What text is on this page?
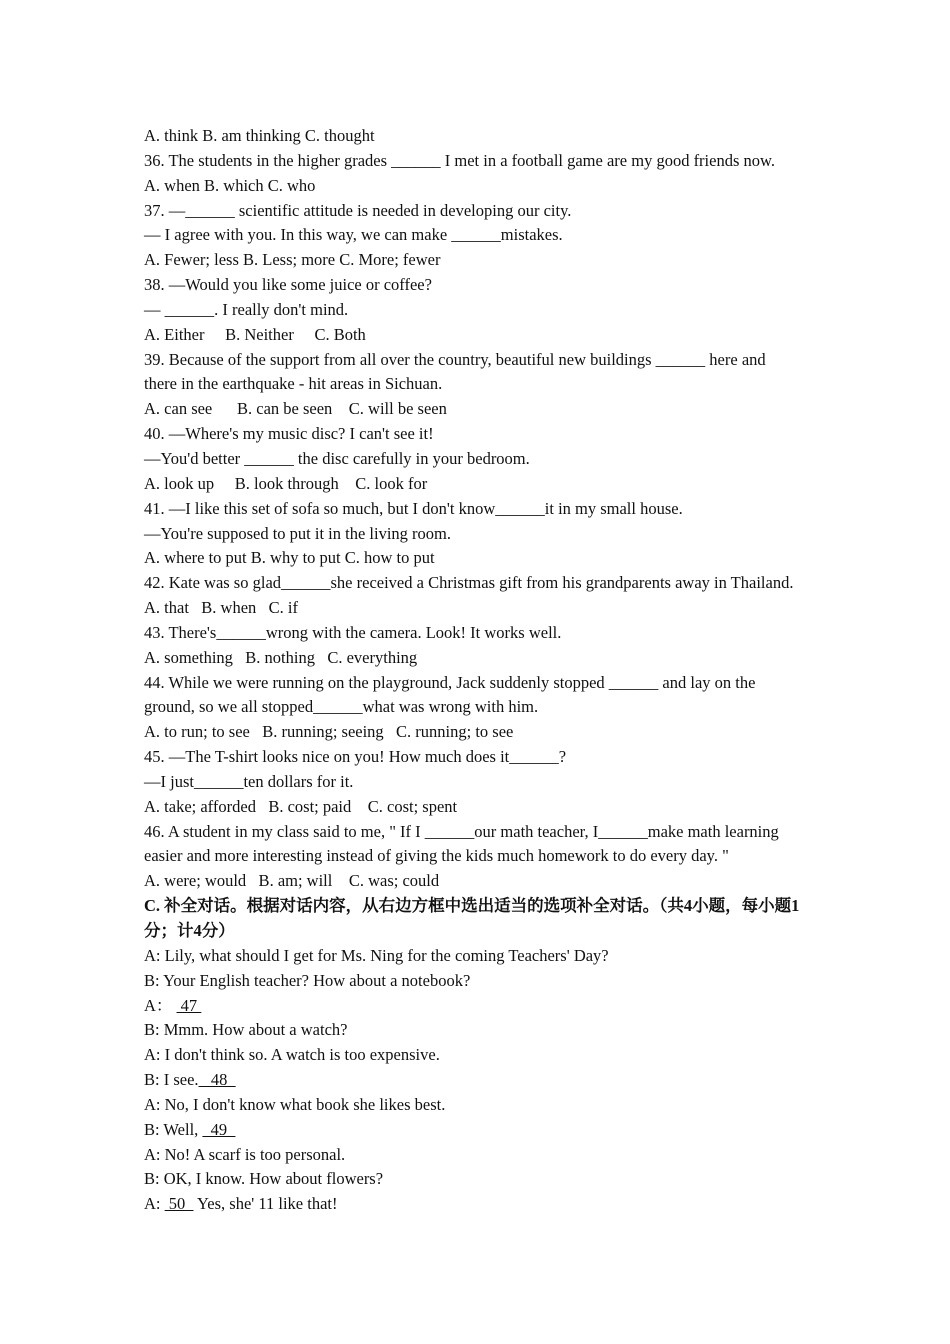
A. think B. am thinking C. thought
36. The students in the higher grades ______ I met in a football game are my good friends now.
A. when B. which C. who
37. —______ scientific attitude is needed in developing our city.
— I agree with you. In this way, we can make ______mistakes.
A. Fewer; less B. Less; more C. More; fewer
38. —Would you like some juice or coffee?
— ______. I really don't mind.
A. Either     B. Neither     C. Both
39. Because of the support from all over the country, beautiful new buildings ______ here and
there in the earthquake - hit areas in Sichuan.
A. can see      B. can be seen    C. will be seen
40. —Where's my music disc? I can't see it!
—You'd better ______ the disc carefully in your bedroom.
A. look up     B. look through    C. look for
41. —I like this set of sofa so much, but I don't know______it in my small house.
—You're supposed to put it in the living room.
A. where to put B. why to put C. how to put
42. Kate was so glad______she received a Christmas gift from his grandparents away in Thailand.
A. that   B. when   C. if
43. There's______wrong with the camera. Look! It works well.
A. something   B. nothing   C. everything
44. While we were running on the playground, Jack suddenly stopped ______ and lay on the
ground, so we all stopped______what was wrong with him.
A. to run; to see   B. running; seeing   C. running; to see
45. —The T-shirt looks nice on you! How much does it______?
—I just______ten dollars for it.
A. take; afforded   B. cost; paid    C. cost; spent
46. A student in my class said to me, " If I ______our math teacher, I______make math learning
easier and more interesting instead of giving the kids much homework to do every day. "
A. were; would   B. am; will    C. was; could
C. 补全对话。根据对话内容，从右边方框中选出适当的选项补全对话。（共4小题，每小题1分；计4分）
A: Lily, what should I get for Ms. Ning for the coming Teachers' Day?
B: Your English teacher? How about a notebook?
A：  47
B: Mmm. How about a watch?
A: I don't think so. A watch is too expensive.
B: I see.   48
A: No, I don't know what book she likes best.
B: Well,   49
A: No! A scarf is too personal.
B: OK, I know. How about flowers?
A:  50   Yes, she' 11 like that!
